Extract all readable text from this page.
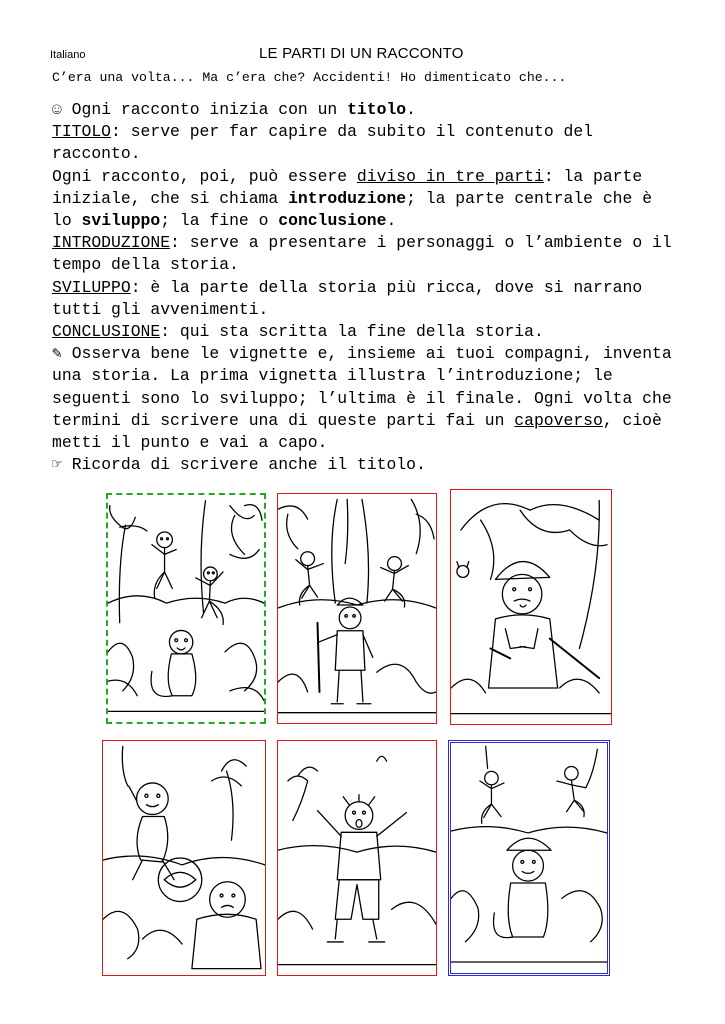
Italiano	LE PARTI DI UN RACCONTO
C’era una volta... Ma c’era che? Accidenti! Ho dimenticato che...

☺ Ogni racconto inizia con un titolo.

TITOLO: serve per far capire da subito il contenuto del racconto.

Ogni racconto, poi, può essere diviso in tre parti: la parte iniziale, che si chiama introduzione; la parte centrale che è lo sviluppo; la fine o conclusione.

INTRODUZIONE: serve a presentare i personaggi o l’ambiente o il tempo della storia.

SVILUPPO: è la parte della storia più ricca, dove si narrano tutti gli avvenimenti.

CONCLUSIONE: qui sta scritta la fine della storia.

✎ Osserva bene le vignette e, insieme ai tuoi compagni, inventa una storia. La prima vignetta illustra l’introduzione; le seguenti sono lo sviluppo; l’ultima è il finale. Ogni volta che termini di scrivere una di queste parti fai un capoverso, cioè metti il punto e vai a capo.

☞ Ricorda di scrivere anche il titolo.
